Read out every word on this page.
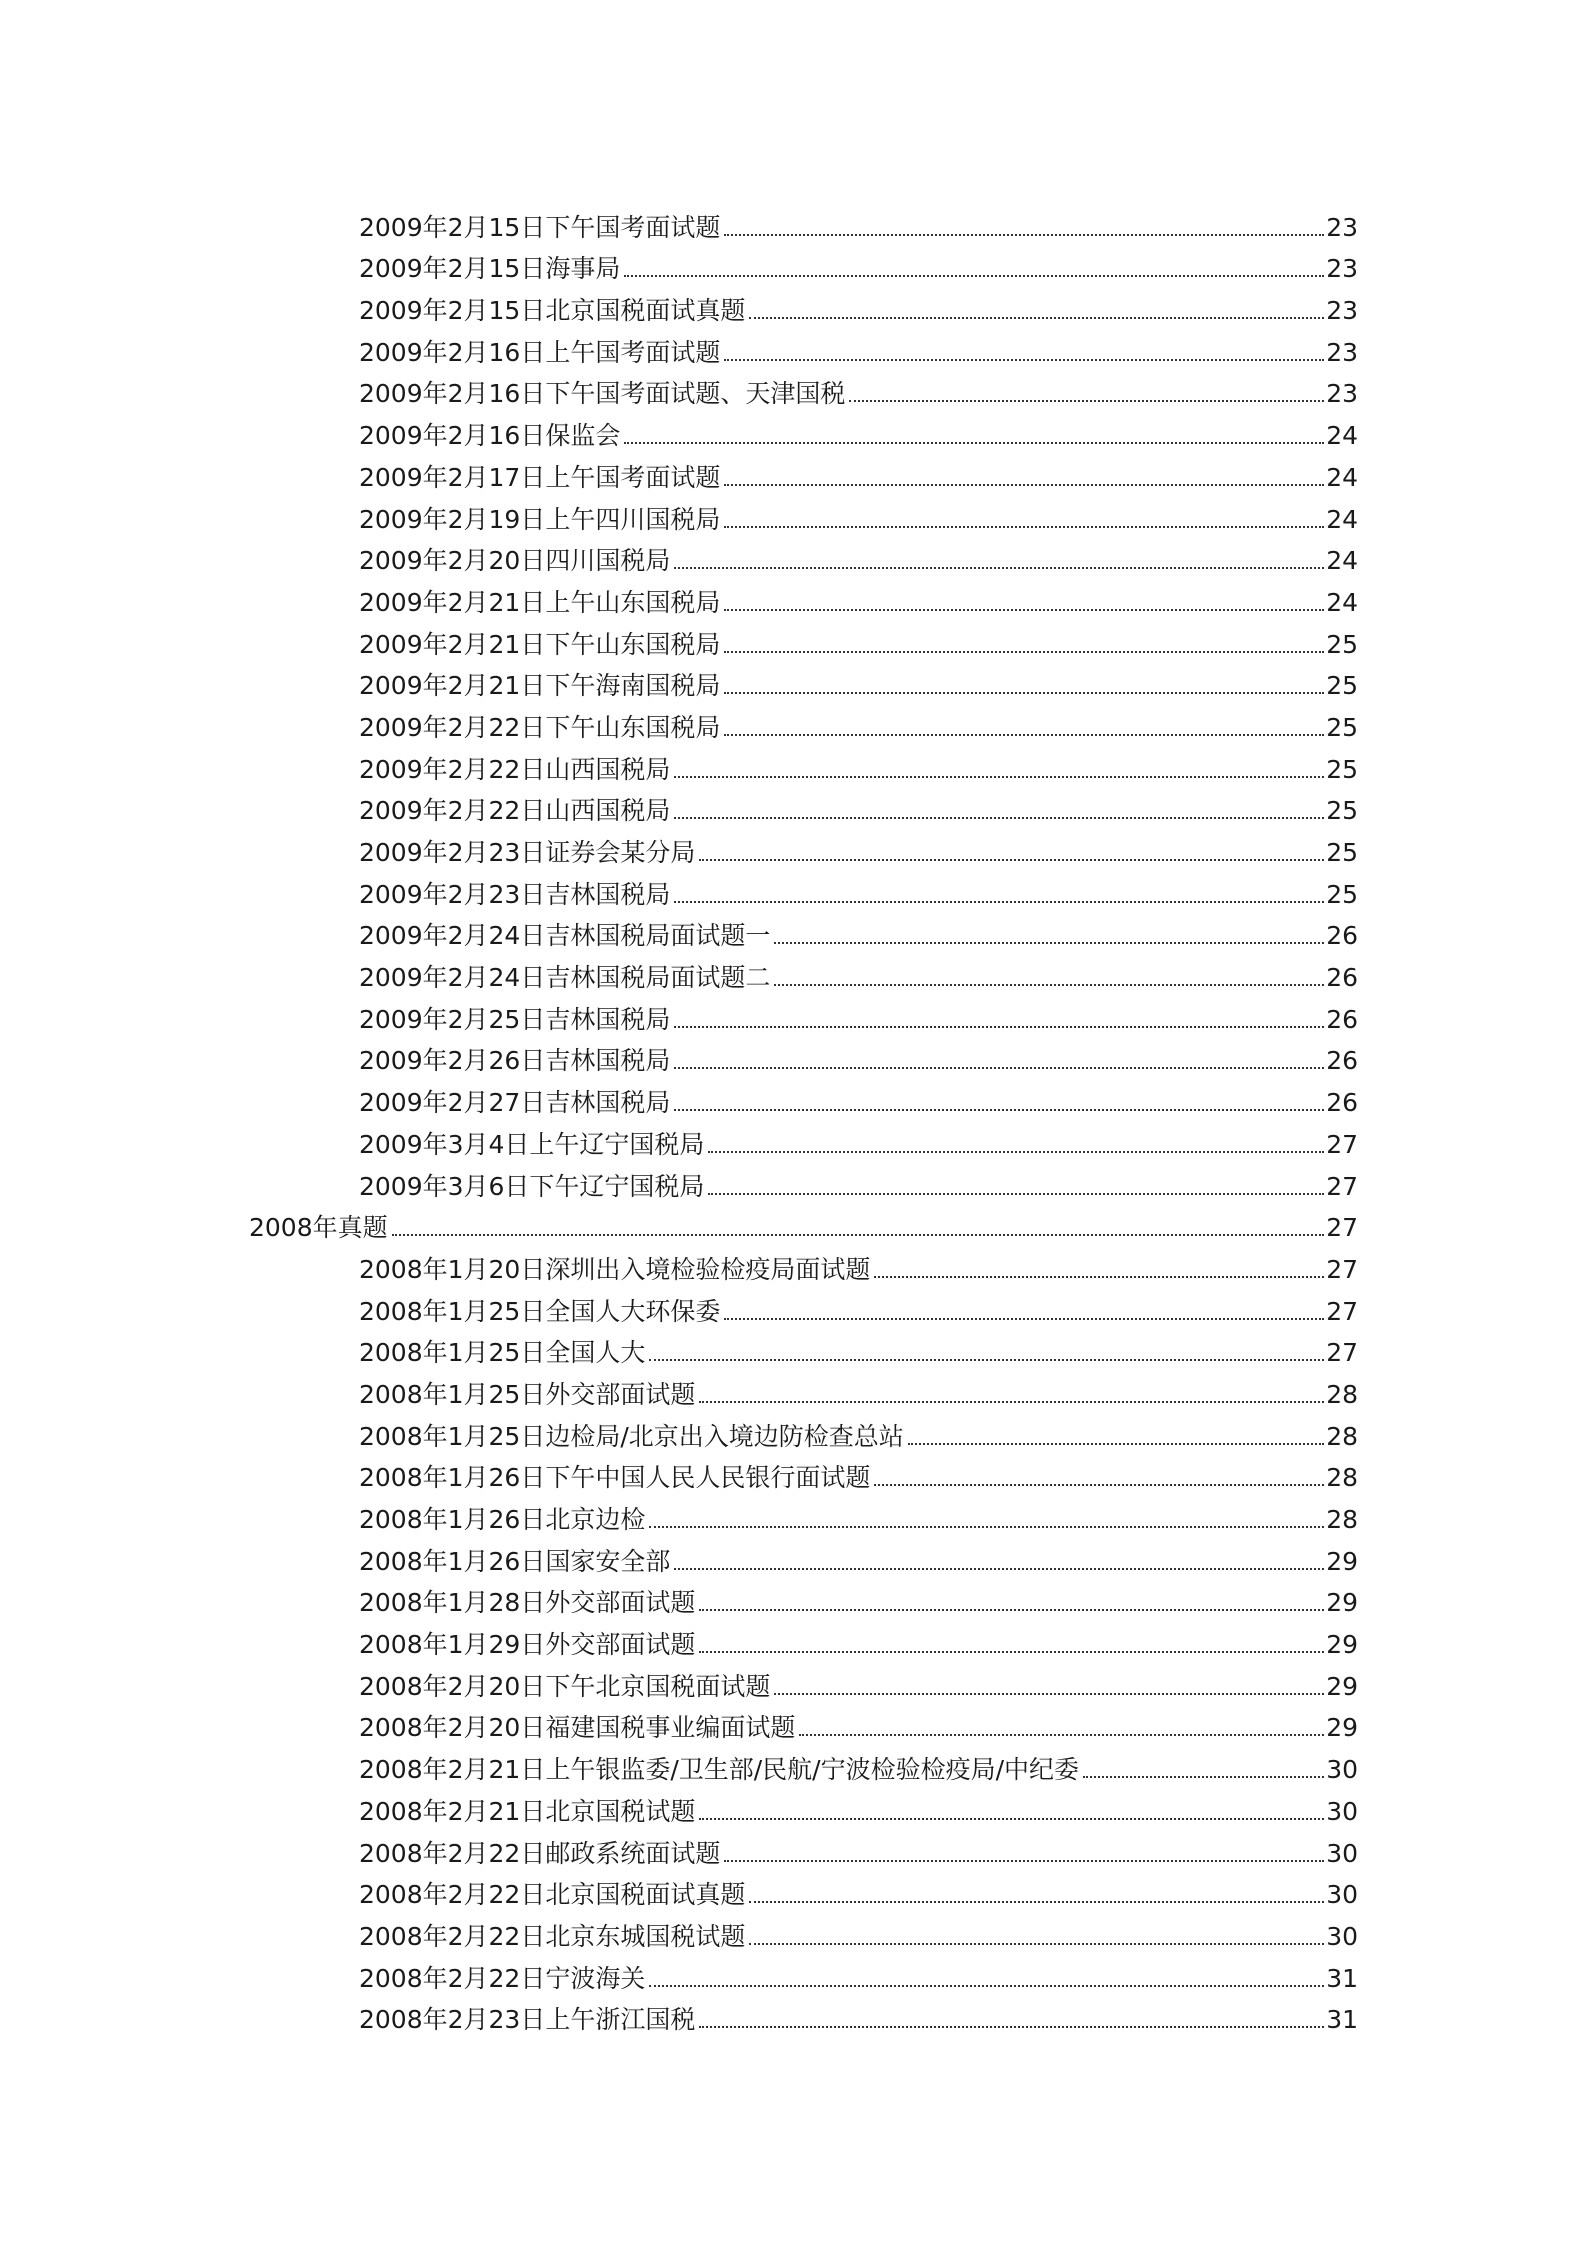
2009年2月15日下午国考面试题	23
2009年2月15日海事局	23
2009年2月15日北京国税面试真题	23
2009年2月16日上午国考面试题	23
2009年2月16日下午国考面试题、天津国税	23
2009年2月16日保监会	24
2009年2月17日上午国考面试题	24
2009年2月19日上午四川国税局	24
2009年2月20日四川国税局	24
2009年2月21日上午山东国税局	24
2009年2月21日下午山东国税局	25
2009年2月21日下午海南国税局	25
2009年2月22日下午山东国税局	25
2009年2月22日山西国税局	25
2009年2月22日山西国税局	25
2009年2月23日证券会某分局	25
2009年2月23日吉林国税局	25
2009年2月24日吉林国税局面试题一	26
2009年2月24日吉林国税局面试题二	26
2009年2月25日吉林国税局	26
2009年2月26日吉林国税局	26
2009年2月27日吉林国税局	26
2009年3月4日上午辽宁国税局	27
2009年3月6日下午辽宁国税局	27
2008年真题	27
2008年1月20日深圳出入境检验检疫局面试题	27
2008年1月25日全国人大环保委	27
2008年1月25日全国人大	27
2008年1月25日外交部面试题	28
2008年1月25日边检局/北京出入境边防检查总站	28
2008年1月26日下午中国人民人民银行面试题	28
2008年1月26日北京边检	28
2008年1月26日国家安全部	29
2008年1月28日外交部面试题	29
2008年1月29日外交部面试题	29
2008年2月20日下午北京国税面试题	29
2008年2月20日福建国税事业编面试题	29
2008年2月21日上午银监委/卫生部/民航/宁波检验检疫局/中纪委	30
2008年2月21日北京国税试题	30
2008年2月22日邮政系统面试题	30
2008年2月22日北京国税面试真题	30
2008年2月22日北京东城国税试题	30
2008年2月22日宁波海关	31
2008年2月23日上午浙江国税	31
